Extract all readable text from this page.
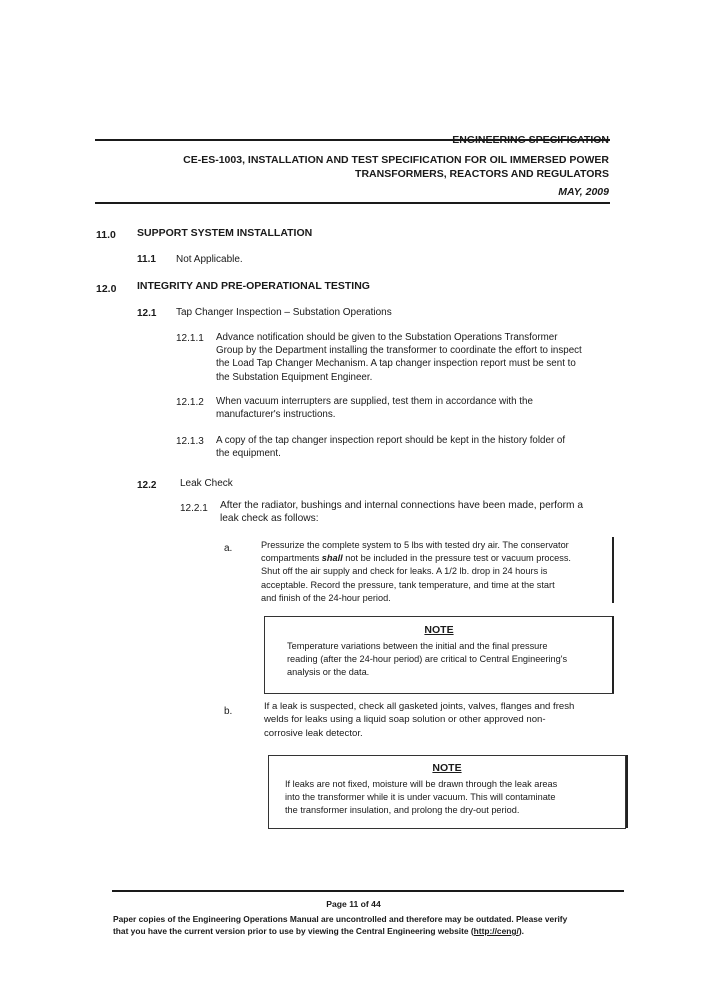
ENGINEERING SPECIFICATION
CE-ES-1003, INSTALLATION AND TEST SPECIFICATION FOR OIL IMMERSED POWER
TRANSFORMERS, REACTORS AND REGULATORS
MAY, 2009
11.0 SUPPORT SYSTEM INSTALLATION
11.1 Not Applicable.
12.0 INTEGRITY AND PRE-OPERATIONAL TESTING
12.1 Tap Changer Inspection – Substation Operations
12.1.1 Advance notification should be given to the Substation Operations Transformer
Group by the Department installing the transformer to coordinate the effort to inspect
the Load Tap Changer Mechanism. A tap changer inspection report must be sent to
the Substation Equipment Engineer.
12.1.2 When vacuum interrupters are supplied, test them in accordance with the
manufacturer's instructions.
12.1.3 A copy of the tap changer inspection report should be kept in the history folder of
the equipment.
12.2 Leak Check
12.2.1 After the radiator, bushings and internal connections have been made, perform a
leak check as follows:
a.	Pressurize the complete system to 5 lbs with tested dry air. The conservator
compartments shall not be included in the pressure test or vacuum process.
Shut off the air supply and check for leaks. A 1/2 lb. drop in 24 hours is
acceptable. Record the pressure, tank temperature, and time at the start
and finish of the 24-hour period.
NOTE
Temperature variations between the initial and the final pressure
reading (after the 24-hour period) are critical to Central Engineering's
analysis or the data.
b.	If a leak is suspected, check all gasketed joints, valves, flanges and fresh
welds for leaks using a liquid soap solution or other approved non-
corrosive leak detector.
NOTE
If leaks are not fixed, moisture will be drawn through the leak areas
into the transformer while it is under vacuum. This will contaminate
the transformer insulation, and prolong the dry-out period.
Page 11 of 44
Paper copies of the Engineering Operations Manual are uncontrolled and therefore may be outdated. Please verify
that you have the current version prior to use by viewing the Central Engineering website (http://ceng/).
